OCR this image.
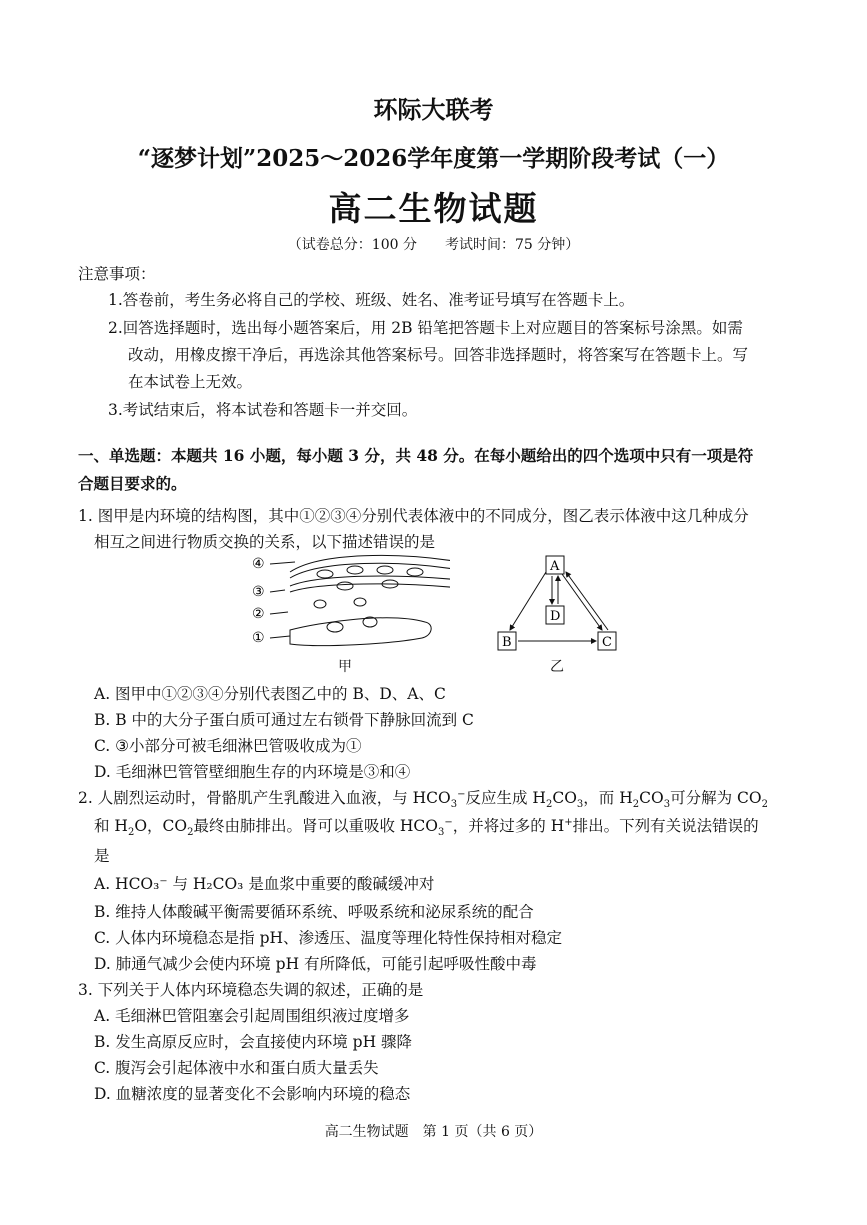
环际大联考
“逐梦计划”2025～2026学年度第一学期阶段考试（一）
高二生物试题
（试卷总分：100 分 考试时间：75 分钟）
注意事项：
1.答卷前，考生务必将自己的学校、班级、姓名、准考证号填写在答题卡上。
2.回答选择题时，选出每小题答案后，用 2B 铅笔把答题卡上对应题目的答案标号涂黑。如需
改动，用橡皮擦干净后，再选涂其他答案标号。回答非选择题时，将答案写在答题卡上。写
在本试卷上无效。
3.考试结束后，将本试卷和答题卡一并交回。
一、单选题：本题共 16 小题，每小题 3 分，共 48 分。在每小题给出的四个选项中只有一项是符
合题目要求的。
1. 图甲是内环境的结构图，其中①②③④分别代表体液中的不同成分，图乙表示体液中这几种成分
相互之间进行物质交换的关系，以下描述错误的是
④
③
②
①
甲
A
D
B	C
乙
A. 图甲中①②③④分别代表图乙中的 B、D、A、C
B. B 中的大分子蛋白质可通过左右锁骨下静脉回流到 C
C. ③小部分可被毛细淋巴管吸收成为①
D. 毛细淋巴管管壁细胞生存的内环境是③和④
2. 人剧烈运动时，骨骼肌产生乳酸进入血液，与 $HCO_3^-$反应生成 $H_2CO_3$，而 $H_2CO_3$可分解为 $CO_2$
和 $H_2O$，$CO_2$最终由肺排出。肾可以重吸收 $HCO_3^-$，并将过多的 H+排出。下列有关说法错误的
是
A. HCO₃⁻ 与 H₂CO₃ 是血浆中重要的酸碱缓冲对
B. 维持人体酸碱平衡需要循环系统、呼吸系统和泌尿系统的配合
C. 人体内环境稳态是指 pH、渗透压、温度等理化特性保持相对稳定
D. 肺通气减少会使内环境 pH 有所降低，可能引起呼吸性酸中毒
3. 下列关于人体内环境稳态失调的叙述，正确的是
A. 毛细淋巴管阻塞会引起周围组织液过度增多
B. 发生高原反应时，会直接使内环境 pH 骤降
C. 腹泻会引起体液中水和蛋白质大量丢失
D. 血糖浓度的显著变化不会影响内环境的稳态
高二生物试题　第 1 页（共 6 页）
